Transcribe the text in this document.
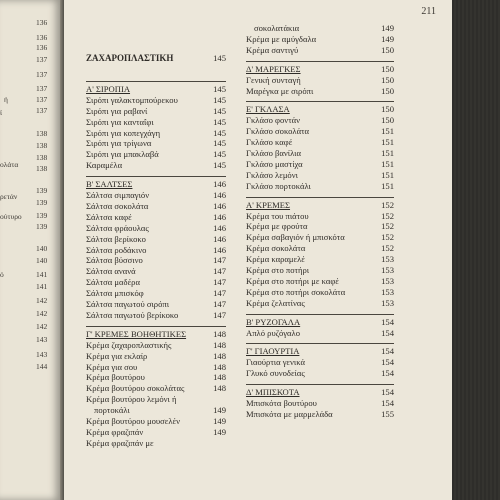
136
136
136
137
137
137
137
137
138
138
138
138
139
139
139
139
140
140
141
141
142
142
142
143
143
144
ή
ί
ολάτα
ρετάν
ούτυρο
ό
211
ΖΑΧΑΡΟΠΛΑΣΤΙΚΗ	145
Α' ΣΙΡΟΠΙΑ	145
Σιρόπι γαλακτομπούρεκου	145
Σιρόπι για ραβανί	145
Σιρόπι για κανταΐφι	145
Σιρόπι για κοπεγχάγη	145
Σιρόπι για τρίγωνα	145
Σιρόπι για μπακλαβά	145
Καραμέλα	145
Β' ΣΑΛΤΣΕΣ	146
Σάλτσα σιμπαγιόν	146
Σάλτσα σοκολάτα	146
Σάλτσα καφέ	146
Σάλτσα φράουλας	146
Σάλτσα βερίκοκο	146
Σάλτσα ροδάκινο	146
Σάλτσα βύσσινο	147
Σάλτσα ανανά	147
Σάλτσα μαδέρα	147
Σάλτσα μπισκόφ	147
Σάλτσα παγωτού σιρόπι	147
Σάλτσα παγωτού βερίκοκο	147
Γ' ΚΡΕΜΕΣ ΒΟΗΘΗΤΙΚΕΣ	148
Κρέμα ζαχαροπλαστικής	148
Κρέμα για εκλαίρ	148
Κρέμα για σου	148
Κρέμα βουτύρου	148
Κρέμα βουτύρου σοκολάτας	148
Κρέμα βουτύρου λεμόνι ή
πορτοκάλι	149
Κρέμα βουτύρου μουσελέν	149
Κρέμα φραζιπάν	149
Κρέμα φραζιπάν με
σοκολατάκια	149
Κρέμα με αμύγδαλα	149
Κρέμα σαντιγύ	150
Δ' ΜΑΡΕΓΚΕΣ	150
Γενική συνταγή	150
Μαρέγκα με σιρόπι	150
Ε' ΓΚΛΑΣΑ	150
Γκλάσο φοντάν	150
Γκλάσο σοκολάτα	151
Γκλάσο καφέ	151
Γκλάσο βανίλια	151
Γκλάσο μαστίχα	151
Γκλάσο λεμόνι	151
Γκλάσο πορτοκάλι	151
Α' ΚΡΕΜΕΣ	152
Κρέμα του πιάτου	152
Κρέμα με φρούτα	152
Κρέμα σαβαγιόν ή μπισκότα	152
Κρέμα σοκολάτα	152
Κρέμα καραμελέ	153
Κρέμα στο ποτήρι	153
Κρέμα στο ποτήρι με καφέ	153
Κρέμα στο ποτήρι σοκολάτα	153
Κρέμα ζελατίνας	153
Β' ΡΥΖΟΓΑΛΑ	154
Απλό ρυζόγαλο	154
Γ' ΓΙΑΟΥΡΤΙΑ	154
Γιαούρτια γενικά	154
Γλυκό συνοδείας	154
Δ' ΜΠΙΣΚΟΤΑ	154
Μπισκότα βουτύρου	154
Μπισκότα με μαρμελάδα	155
